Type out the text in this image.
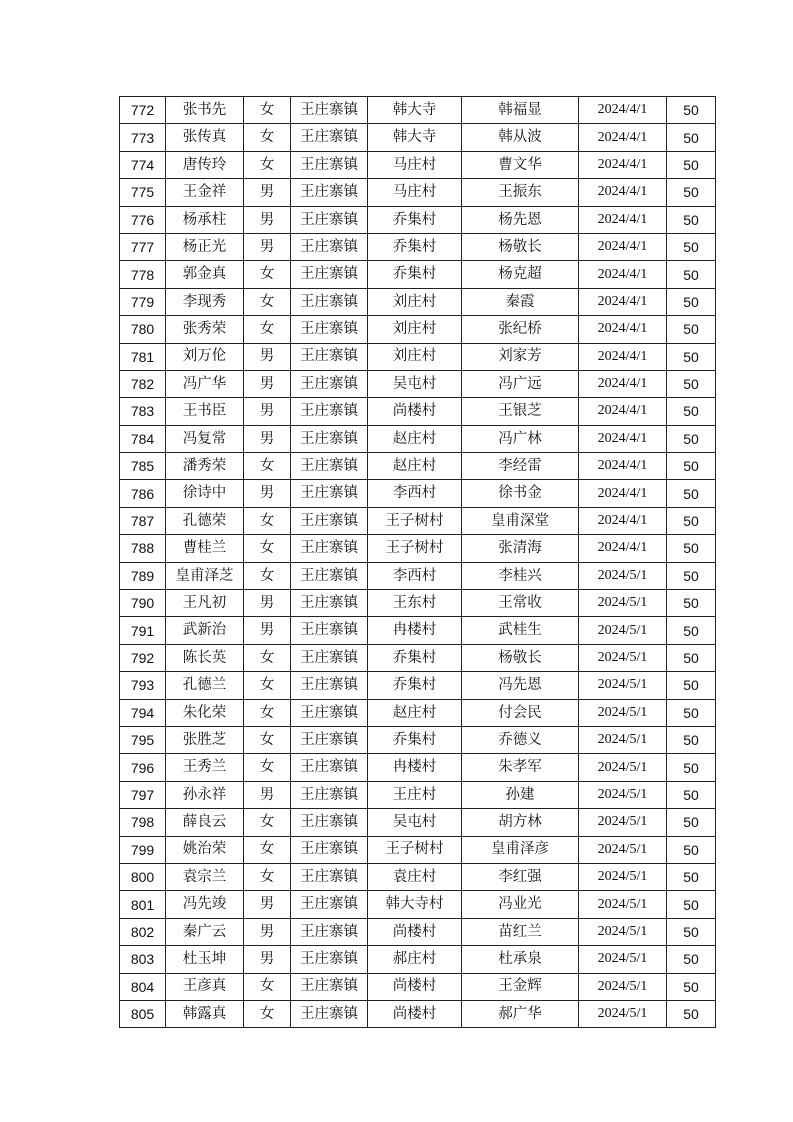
772	张书先	女	王庄寨镇	韩大寺	韩福显	2024/4/1	50
773	张传真	女	王庄寨镇	韩大寺	韩从波	2024/4/1	50
774	唐传玲	女	王庄寨镇	马庄村	曹文华	2024/4/1	50
775	王金祥	男	王庄寨镇	马庄村	王振东	2024/4/1	50
776	杨承柱	男	王庄寨镇	乔集村	杨先恩	2024/4/1	50
777	杨正光	男	王庄寨镇	乔集村	杨敬长	2024/4/1	50
778	郭金真	女	王庄寨镇	乔集村	杨克超	2024/4/1	50
779	李现秀	女	王庄寨镇	刘庄村	秦霞	2024/4/1	50
780	张秀荣	女	王庄寨镇	刘庄村	张纪桥	2024/4/1	50
781	刘万伦	男	王庄寨镇	刘庄村	刘家芳	2024/4/1	50
782	冯广华	男	王庄寨镇	吴屯村	冯广远	2024/4/1	50
783	王书臣	男	王庄寨镇	尚楼村	王银芝	2024/4/1	50
784	冯复常	男	王庄寨镇	赵庄村	冯广林	2024/4/1	50
785	潘秀荣	女	王庄寨镇	赵庄村	李经雷	2024/4/1	50
786	徐诗中	男	王庄寨镇	李西村	徐书金	2024/4/1	50
787	孔德荣	女	王庄寨镇	王子树村	皇甫深堂	2024/4/1	50
788	曹桂兰	女	王庄寨镇	王子树村	张清海	2024/4/1	50
789	皇甫泽芝	女	王庄寨镇	李西村	李桂兴	2024/5/1	50
790	王凡初	男	王庄寨镇	王东村	王常收	2024/5/1	50
791	武新治	男	王庄寨镇	冉楼村	武桂生	2024/5/1	50
792	陈长英	女	王庄寨镇	乔集村	杨敬长	2024/5/1	50
793	孔德兰	女	王庄寨镇	乔集村	冯先恩	2024/5/1	50
794	朱化荣	女	王庄寨镇	赵庄村	付会民	2024/5/1	50
795	张胜芝	女	王庄寨镇	乔集村	乔德义	2024/5/1	50
796	王秀兰	女	王庄寨镇	冉楼村	朱孝军	2024/5/1	50
797	孙永祥	男	王庄寨镇	王庄村	孙建	2024/5/1	50
798	薛良云	女	王庄寨镇	吴屯村	胡方林	2024/5/1	50
799	姚治荣	女	王庄寨镇	王子树村	皇甫泽彦	2024/5/1	50
800	袁宗兰	女	王庄寨镇	袁庄村	李红强	2024/5/1	50
801	冯先竣	男	王庄寨镇	韩大寺村	冯业光	2024/5/1	50
802	秦广云	男	王庄寨镇	尚楼村	苗红兰	2024/5/1	50
803	杜玉坤	男	王庄寨镇	郝庄村	杜承泉	2024/5/1	50
804	王彦真	女	王庄寨镇	尚楼村	王金辉	2024/5/1	50
805	韩露真	女	王庄寨镇	尚楼村	郝广华	2024/5/1	50
